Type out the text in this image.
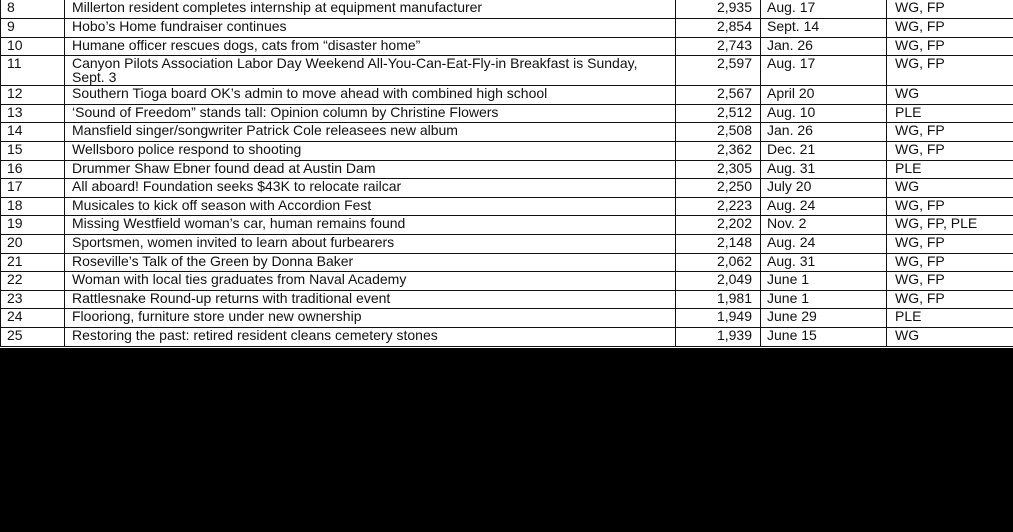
8	Millerton resident completes internship at equipment manufacturer	2,935	Aug. 17	WG, FP
9	Hobo’s Home fundraiser continues	2,854	Sept. 14	WG, FP
10	Humane officer rescues dogs, cats from “disaster home”	2,743	Jan. 26	WG, FP
11	Canyon Pilots Association Labor Day Weekend All-You-Can-Eat-Fly-in Breakfast is Sunday, Sept. 3	2,597	Aug. 17	WG, FP
12	Southern Tioga board OK’s admin to move ahead with combined high school	2,567	April 20	WG
13	‘Sound of Freedom” stands tall: Opinion column by Christine Flowers	2,512	Aug. 10	PLE
14	Mansfield singer/songwriter Patrick Cole releasees new album	2,508	Jan. 26	WG, FP
15	Wellsboro police respond to shooting	2,362	Dec. 21	WG, FP
16	Drummer Shaw Ebner found dead at Austin Dam	2,305	Aug. 31	PLE
17	All aboard! Foundation seeks $43K to relocate railcar	2,250	July 20	WG
18	Musicales to kick off season with Accordion Fest	2,223	Aug. 24	WG, FP
19	Missing Westfield woman’s car, human remains found	2,202	Nov. 2	WG, FP, PLE
20	Sportsmen, women invited to learn about furbearers	2,148	Aug. 24	WG, FP
21	Roseville’s Talk of the Green by Donna Baker	2,062	Aug. 31	WG, FP
22	Woman with local ties graduates from Naval Academy	2,049	June 1	WG, FP
23	Rattlesnake Round-up returns with traditional event	1,981	June 1	WG, FP
24	Flooriong, furniture store under new ownership	1,949	June 29	PLE
25	Restoring the past: retired resident cleans cemetery stones	1,939	June 15	WG
